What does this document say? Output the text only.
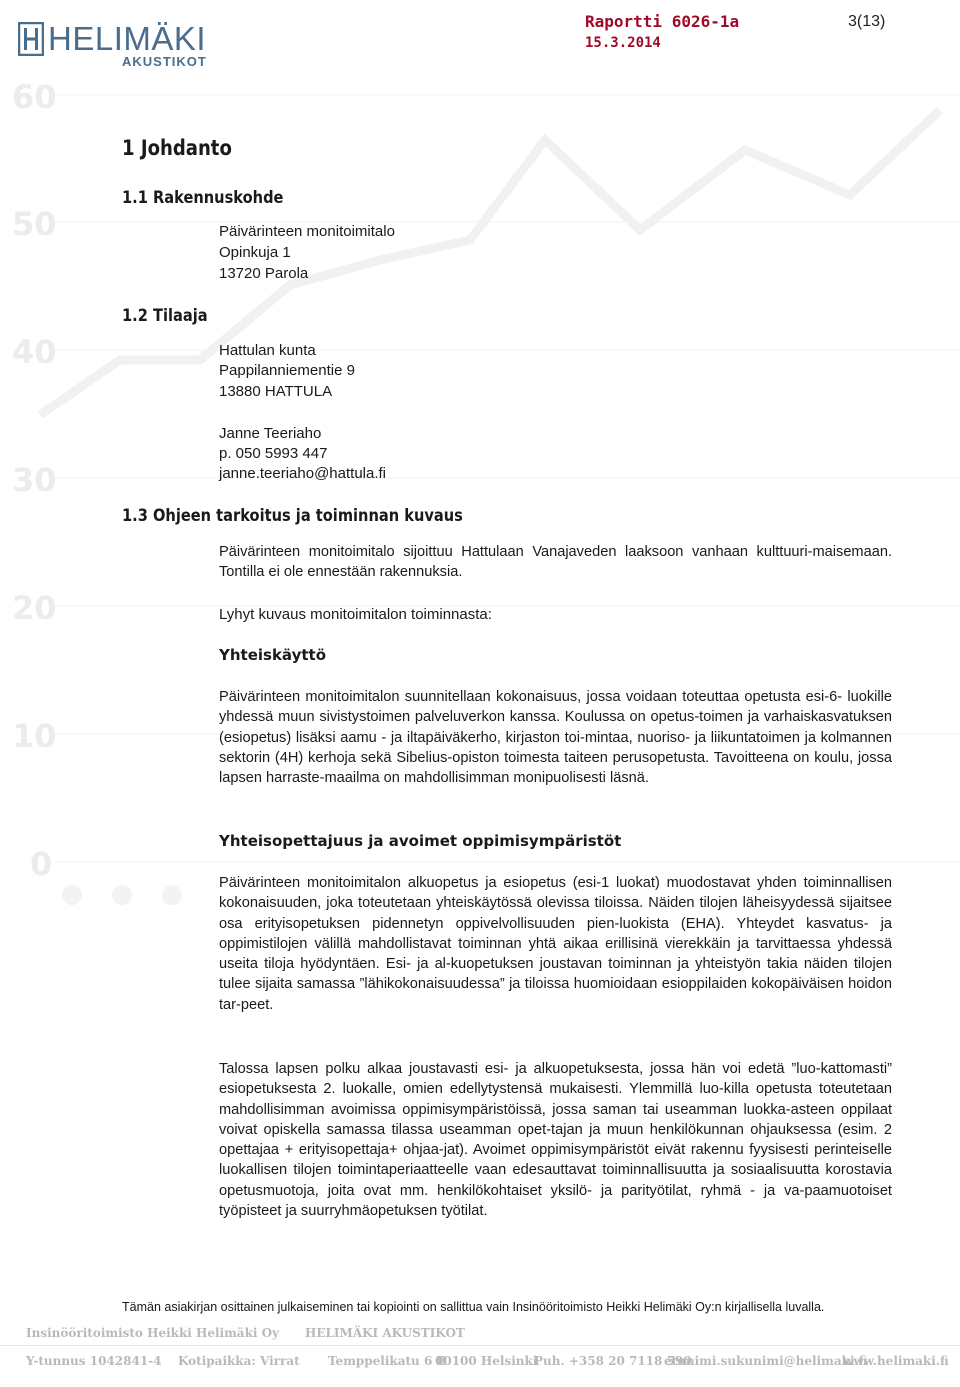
60
50
40
30
20
10
0
HELIMÄKI
AKUSTIKOT
Raportti 6026-1a	3(13)
15.3.2014
1 Johdanto
1.1 Rakennuskohde
Päivärinteen monitoimitalo
Opinkuja 1
13720 Parola
1.2 Tilaaja
Hattulan kunta
Pappilanniementie 9
13880 HATTULA
Janne Teeriaho
p. 050 5993 447
janne.teeriaho@hattula.fi
1.3 Ohjeen tarkoitus ja toiminnan kuvaus
Päivärinteen monitoimitalo sijoittuu Hattulaan Vanajaveden laaksoon vanhaan kulttuuri-maisemaan. Tontilla ei ole ennestään rakennuksia.
Lyhyt kuvaus monitoimitalon toiminnasta:
Yhteiskäyttö
Päivärinteen monitoimitalon suunnitellaan kokonaisuus, jossa voidaan toteuttaa opetusta esi-6- luokille yhdessä muun sivistystoimen palveluverkon kanssa. Koulussa on opetus-toimen ja varhaiskasvatuksen (esiopetus) lisäksi aamu - ja iltapäiväkerho, kirjaston toi-mintaa, nuoriso- ja liikuntatoimen ja kolmannen sektorin (4H) kerhoja sekä Sibelius-opiston toimesta taiteen perusopetusta. Tavoitteena on koulu, jossa lapsen harraste-maailma on mahdollisimman monipuolisesti läsnä.
Yhteisopettajuus ja avoimet oppimisympäristöt
Päivärinteen monitoimitalon alkuopetus ja esiopetus (esi-1 luokat) muodostavat yhden toiminnallisen kokonaisuuden, joka toteutetaan yhteiskäytössä olevissa tiloissa. Näiden tilojen läheisyydessä sijaitsee osa erityisopetuksen pidennetyn oppivelvollisuuden pien-luokista (EHA). Yhteydet kasvatus- ja oppimistilojen välillä mahdollistavat toiminnan yhtä aikaa erillisinä vierekkäin ja tarvittaessa yhdessä useita tiloja hyödyntäen. Esi- ja al-kuopetuksen joustavan toiminnan ja yhteistyön takia näiden tilojen tulee sijaita samassa ”lähikokonaisuudessa” ja tiloissa huomioidaan esioppilaiden kokopäiväisen hoidon tar-peet.
Talossa lapsen polku alkaa joustavasti esi- ja alkuopetuksesta, jossa hän voi edetä ”luo-kattomasti” esiopetuksesta 2. luokalle, omien edellytystensä mukaisesti. Ylemmillä luo-killa opetusta toteutetaan mahdollisimman avoimissa oppimisympäristöissä, jossa saman tai useamman luokka-asteen oppilaat voivat opiskella samassa tilassa useamman opet-tajan ja muun henkilökunnan ohjauksessa (esim. 2 opettajaa + erityisopettaja+ ohjaa-jat). Avoimet oppimisympäristöt eivät rakennu fyysisesti perinteiselle luokallisen tilojen toimintaperiaatteelle vaan edesauttavat toiminnallisuutta ja sosiaalisuutta korostavia opetusmuotoja, joita ovat mm. henkilökohtaiset yksilö- ja parityötilat, ryhmä - ja va-paamuotoiset työpisteet ja suurryhmäopetuksen työtilat.
Tämän asiakirjan osittainen julkaiseminen tai kopiointi on sallittua vain Insinööritoimisto Heikki Helimäki Oy:n kirjallisella luvalla.
Insinööritoimisto Heikki Helimäki Oy HELIMÄKI AKUSTIKOT
Y-tunnus 1042841-4 Kotipaikka: Virrat Temppelikatu 6 B
00100 Helsinki
Puh. +358 20 7118 590
etunimi.sukunimi@helimaki.fi
www.helimaki.fi
